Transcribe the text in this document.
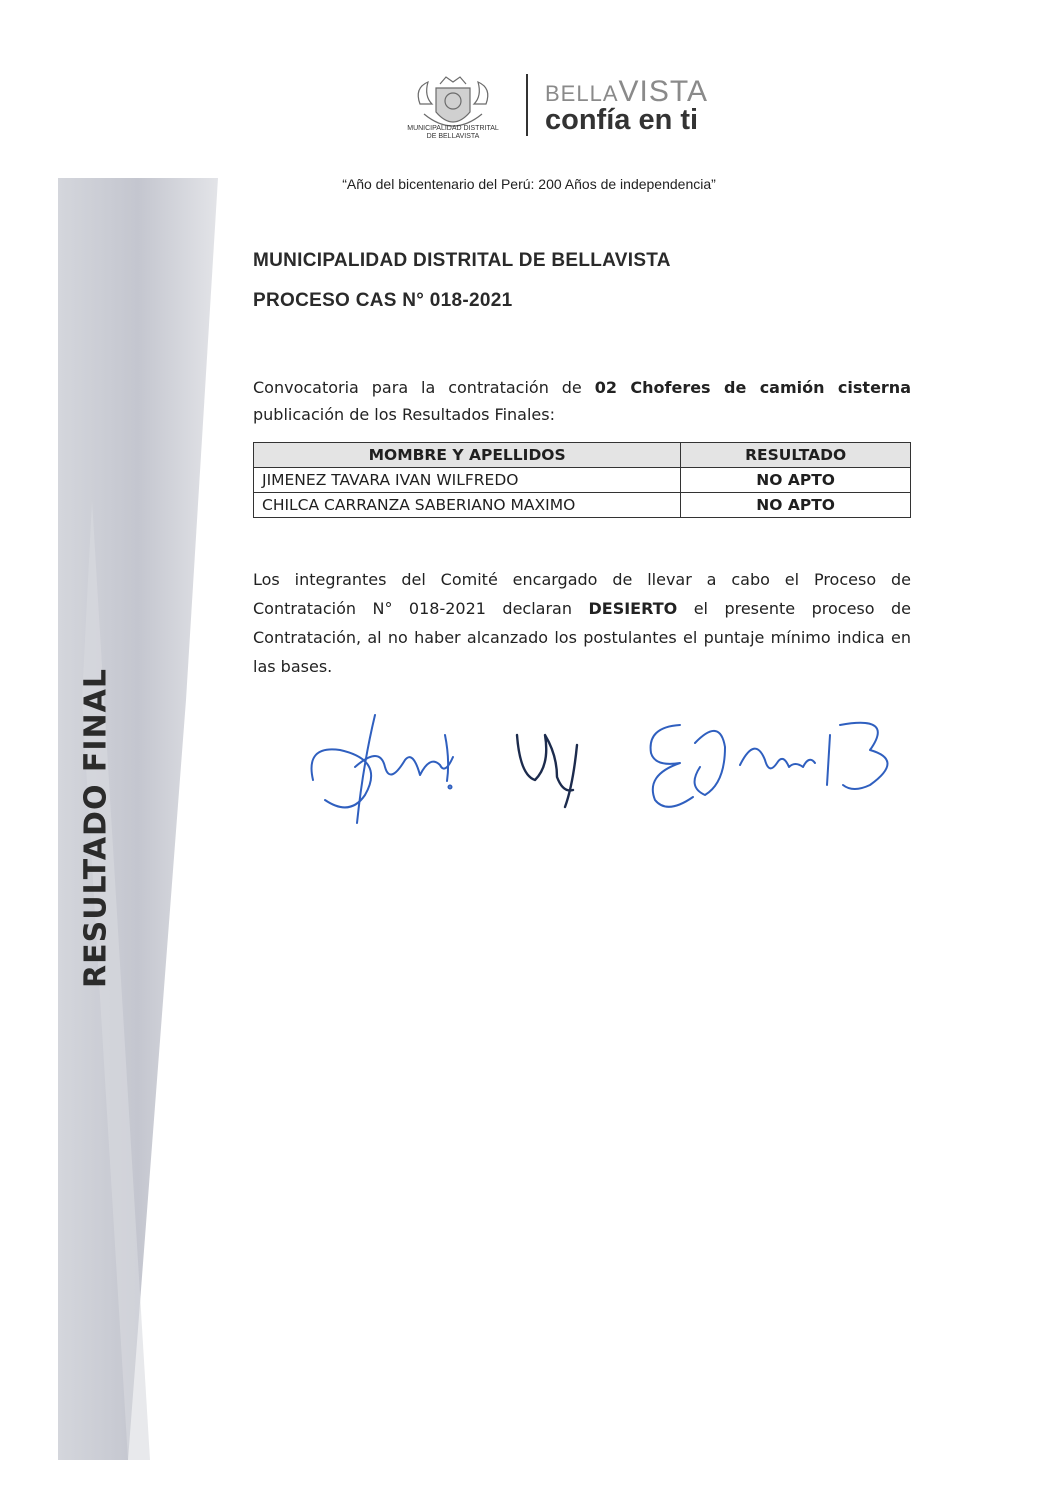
RESULTADO FINAL
MUNICIPALIDAD DISTRITAL
DE BELLAVISTA
BELLAVISTA
confía en ti
“Año del bicentenario del Perú: 200 Años de independencia”
MUNICIPALIDAD DISTRITAL DE BELLAVISTA
PROCESO CAS N° 018-2021
Convocatoria para la contratación de 02 Choferes de camión cisterna publicación de los Resultados Finales:
MOMBRE Y APELLIDOS	RESULTADO
JIMENEZ TAVARA IVAN WILFREDO	NO APTO
CHILCA CARRANZA SABERIANO MAXIMO	NO APTO
Los integrantes del Comité encargado de llevar a cabo el Proceso de Contratación N° 018-2021 declaran DESIERTO el presente proceso de Contratación, al no haber alcanzado los postulantes el puntaje mínimo indica en las bases.
